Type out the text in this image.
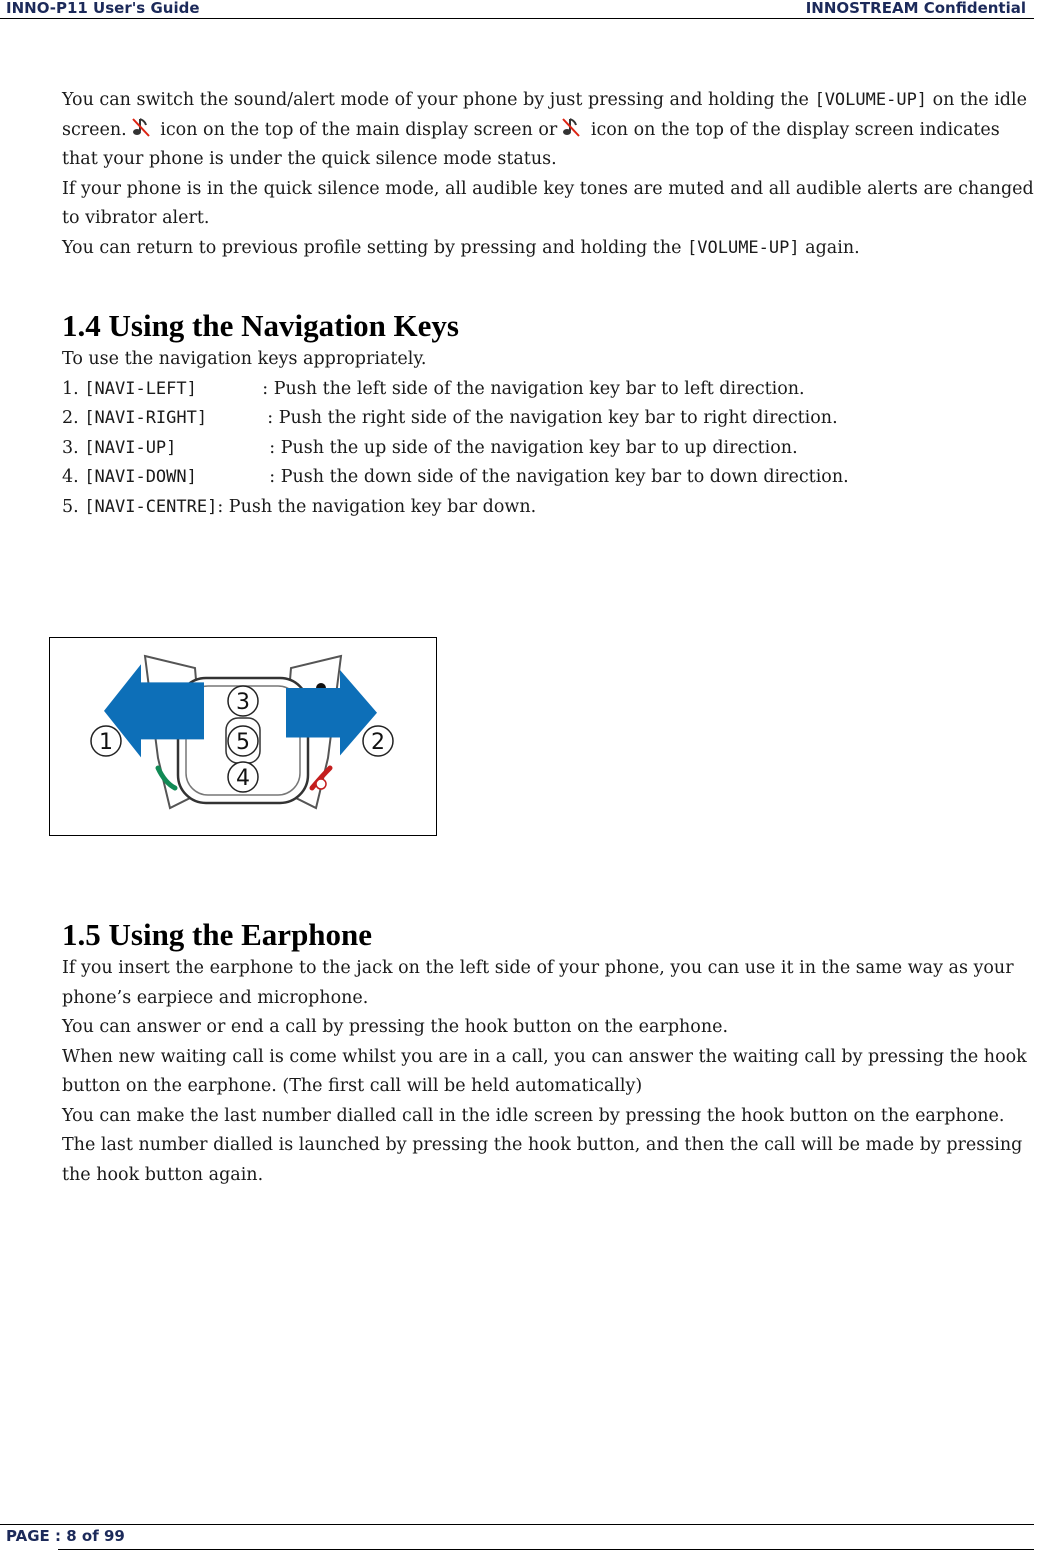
INNO-P11 User's Guide	INNOSTREAM Confidential

You can switch the sound/alert mode of your phone by just pressing and holding the [VOLUME-UP] on the idle screen. icon on the top of the main display screen or icon on the top of the display screen indicates that your phone is under the quick silence mode status.

If your phone is in the quick silence mode, all audible key tones are muted and all audible alerts are changed to vibrator alert.

You can return to previous profile setting by pressing and holding the [VOLUME-UP] again.

1.4 Using the Navigation Keys

To use the navigation keys appropriately.

1.
[NAVI-LEFT]	: Push the left side of the navigation key bar to left direction.
2.
[NAVI-RIGHT]	: Push the right side of the navigation key bar to right direction.
3.
[NAVI-UP]	: Push the up side of the navigation key bar to up direction.
4.
[NAVI-DOWN]	: Push the down side of the navigation key bar to down direction.
5.
[NAVI-CENTRE] : Push the navigation key bar down.
1	2
3
4
5
1.5 Using the Earphone

If you insert the earphone to the jack on the left side of your phone, you can use it in the same way as your phone’s earpiece and microphone.

You can answer or end a call by pressing the hook button on the earphone.

When new waiting call is come whilst you are in a call, you can answer the waiting call by pressing the hook button on the earphone. (The first call will be held automatically)

You can make the last number dialled call in the idle screen by pressing the hook button on the earphone. The last number dialled is launched by pressing the hook button, and then the call will be made by pressing the hook button again.

PAGE : 8 of 99
